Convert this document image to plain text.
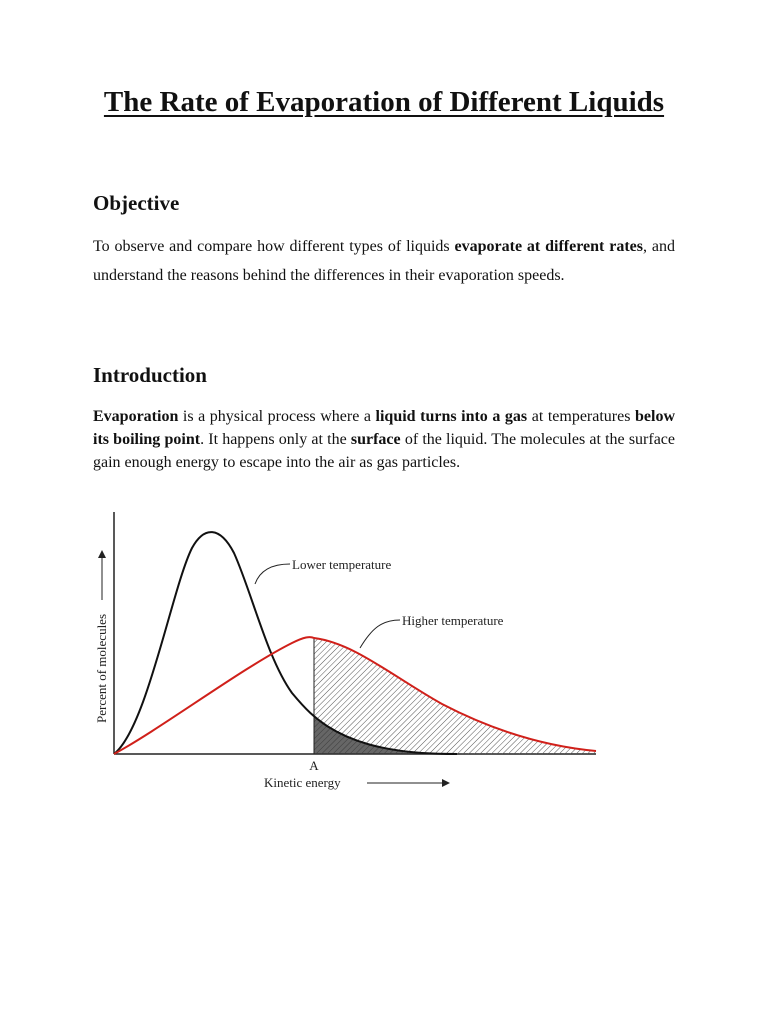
The Rate of Evaporation of Different Liquids
Objective

To observe and compare how different types of liquids evaporate at different rates, and understand the reasons behind the differences in their evaporation speeds.

Introduction

Evaporation is a physical process where a liquid turns into a gas at temperatures below its boiling point. It happens only at the surface of the liquid. The molecules at the surface gain enough energy to escape into the air as gas particles.

Lower temperature
Higher temperature
A
Kinetic energy
Percent of molecules
